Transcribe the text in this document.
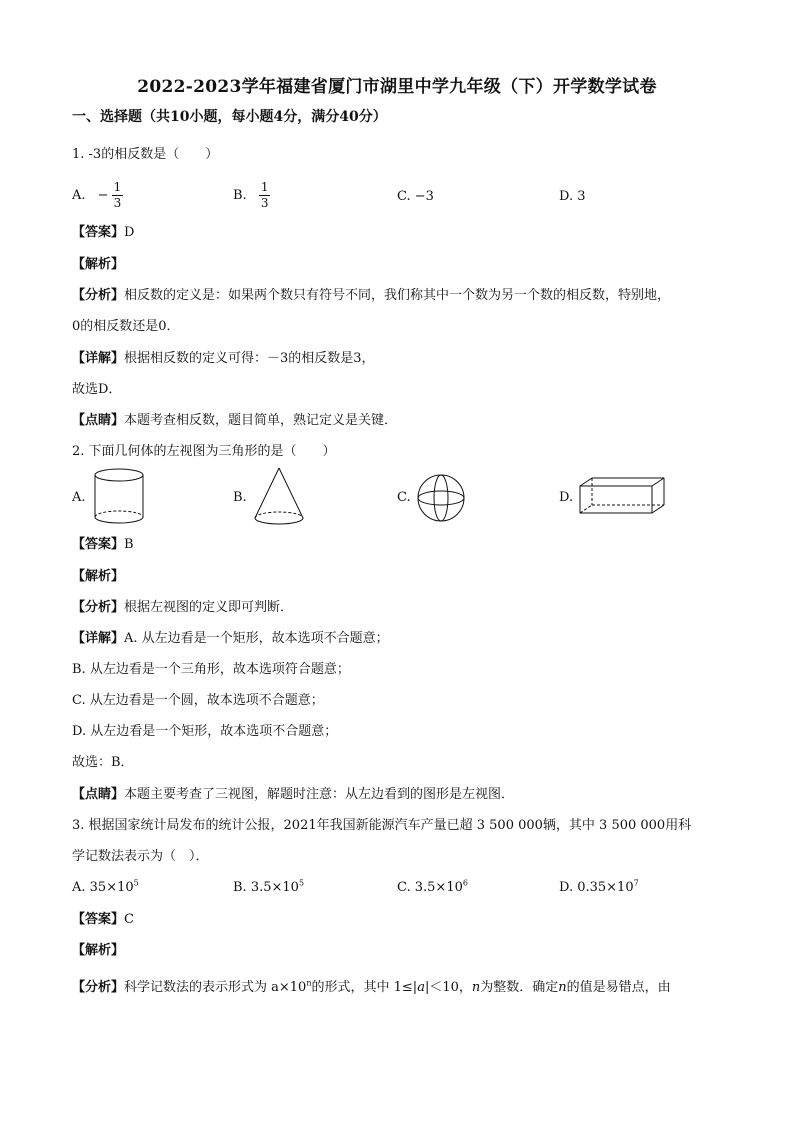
2022-2023学年福建省厦门市湖里中学九年级（下）开学数学试卷
一、选择题（共10小题，每小题4分，满分40分）
1. -3的相反数是（　　）
A. − $\frac{1}{3}$	B. $\frac{1}{3}$	C. −3	D. 3
【答案】D
【解析】
【分析】相反数的定义是：如果两个数只有符号不同，我们称其中一个数为另一个数的相反数，特别地，
0的相反数还是0．
【详解】根据相反数的定义可得：－3的相反数是3，
故选D．
【点睛】本题考查相反数，题目简单，熟记定义是关键．
2. 下面几何体的左视图为三角形的是（　　）
A.	B.	C.	D.
【答案】B
【解析】
【分析】根据左视图的定义即可判断．
【详解】A. 从左边看是一个矩形，故本选项不合题意；
B. 从左边看是一个三角形，故本选项符合题意；
C. 从左边看是一个圆，故本选项不合题意；
D. 从左边看是一个矩形，故本选项不合题意；
故选：B．
【点睛】本题主要考查了三视图，解题时注意：从左边看到的图形是左视图．
3. 根据国家统计局发布的统计公报，2021年我国新能源汽车产量已超 3 500 000辆，其中 3 500 000用科
学记数法表示为（　）．
A. $35\times 10^5$	B. $3.5\times 10^5$	C. $3.5\times 10^6$	D. $0.35\times 10^7$
【答案】C
【解析】
【分析】科学记数法的表示形式为 $a\times 10^n$的形式，其中 1≤|a|＜10，n为整数．确定n的值是易错点，由
